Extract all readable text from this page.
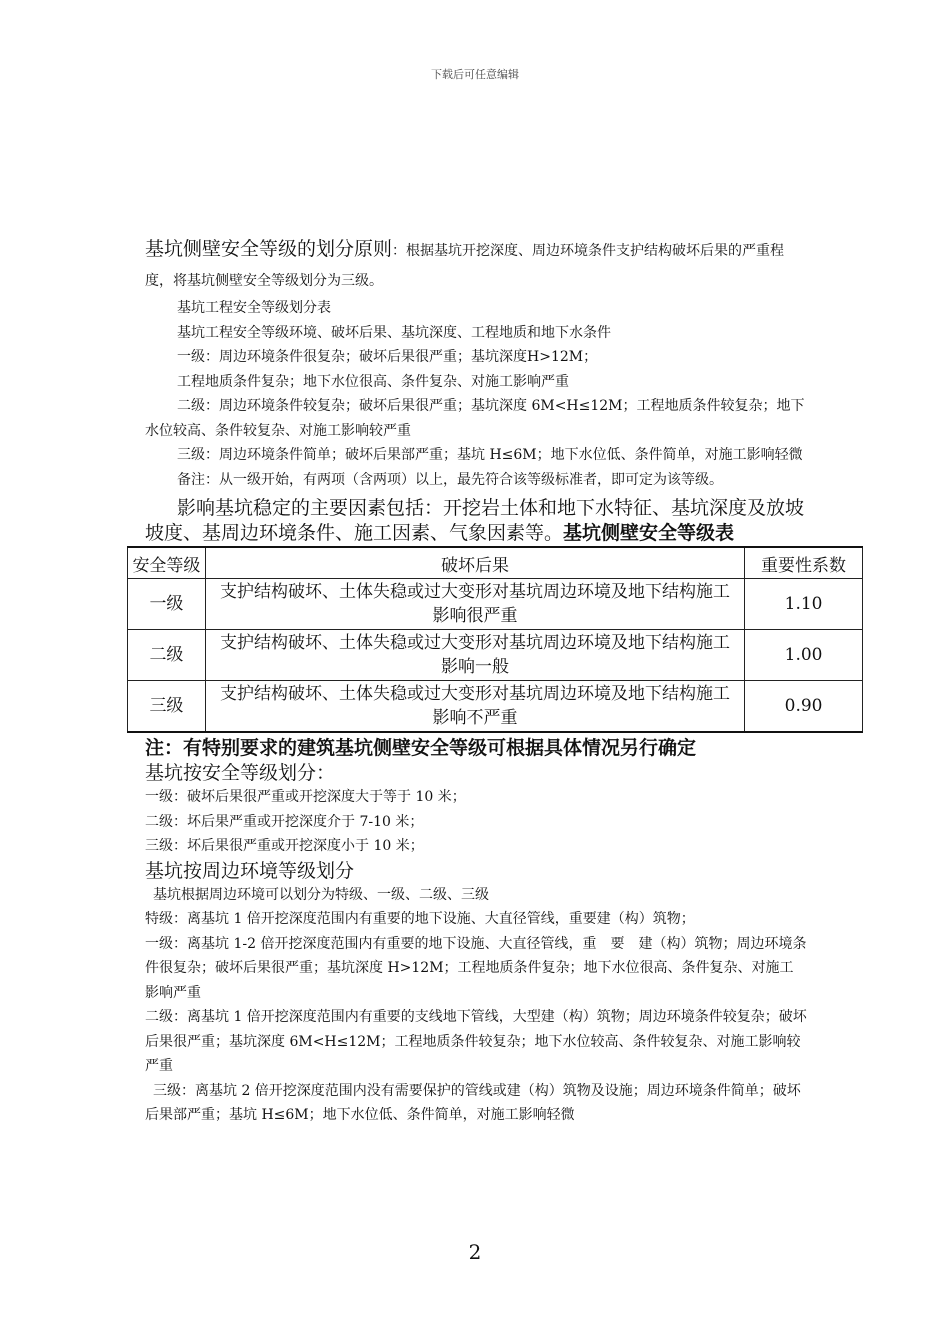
下载后可任意编辑

基坑侧壁安全等级的划分原则：根据基坑开挖深度、周边环境条件支护结构破坏后果的严重程度，将基坑侧壁安全等级划分为三级。

基坑工程安全等级划分表

基坑工程安全等级环境、破坏后果、基坑深度、工程地质和地下水条件

一级：周边环境条件很复杂；破坏后果很严重；基坑深度H>12M；

工程地质条件复杂；地下水位很高、条件复杂、对施工影响严重

二级：周边环境条件较复杂；破坏后果很严重；基坑深度 6M<H≤12M；工程地质条件较复杂；地下水位较高、条件较复杂、对施工影响较严重

三级：周边环境条件简单；破坏后果部严重；基坑 H≤6M；地下水位低、条件简单，对施工影响轻微

备注：从一级开始，有两项（含两项）以上，最先符合该等级标准者，即可定为该等级。

影响基坑稳定的主要因素包括：开挖岩土体和地下水特征、基坑深度及放坡坡度、基周边环境条件、施工因素、气象因素等。基坑侧壁安全等级表

安全等级	破坏后果	重要性系数
一级	支护结构破坏、土体失稳或过大变形对基坑周边环境及地下结构施工影响很严重	1.10
二级	支护结构破坏、土体失稳或过大变形对基坑周边环境及地下结构施工影响一般	1.00
三级	支护结构破坏、土体失稳或过大变形对基坑周边环境及地下结构施工影响不严重	0.90

注：有特别要求的建筑基坑侧壁安全等级可根据具体情况另行确定

基坑按安全等级划分：

一级：破坏后果很严重或开挖深度大于等于 10 米；

二级：坏后果严重或开挖深度介于 7-10 米；

三级：坏后果很严重或开挖深度小于 10 米；

基坑按周边环境等级划分

基坑根据周边环境可以划分为特级、一级、二级、三级

特级：离基坑 1 倍开挖深度范围内有重要的地下设施、大直径管线，重要建（构）筑物；

一级：离基坑 1-2 倍开挖深度范围内有重要的地下设施、大直径管线，重　要　建（构）筑物；周边环境条件很复杂；破坏后果很严重；基坑深度 H>12M；工程地质条件复杂；地下水位很高、条件复杂、对施工影响严重

二级：离基坑 1 倍开挖深度范围内有重要的支线地下管线，大型建（构）筑物；周边环境条件较复杂；破坏后果很严重；基坑深度 6M<H≤12M；工程地质条件较复杂；地下水位较高、条件较复杂、对施工影响较严重

三级：离基坑 2 倍开挖深度范围内没有需要保护的管线或建（构）筑物及设施；周边环境条件简单；破坏后果部严重；基坑 H≤6M；地下水位低、条件简单，对施工影响轻微

2
